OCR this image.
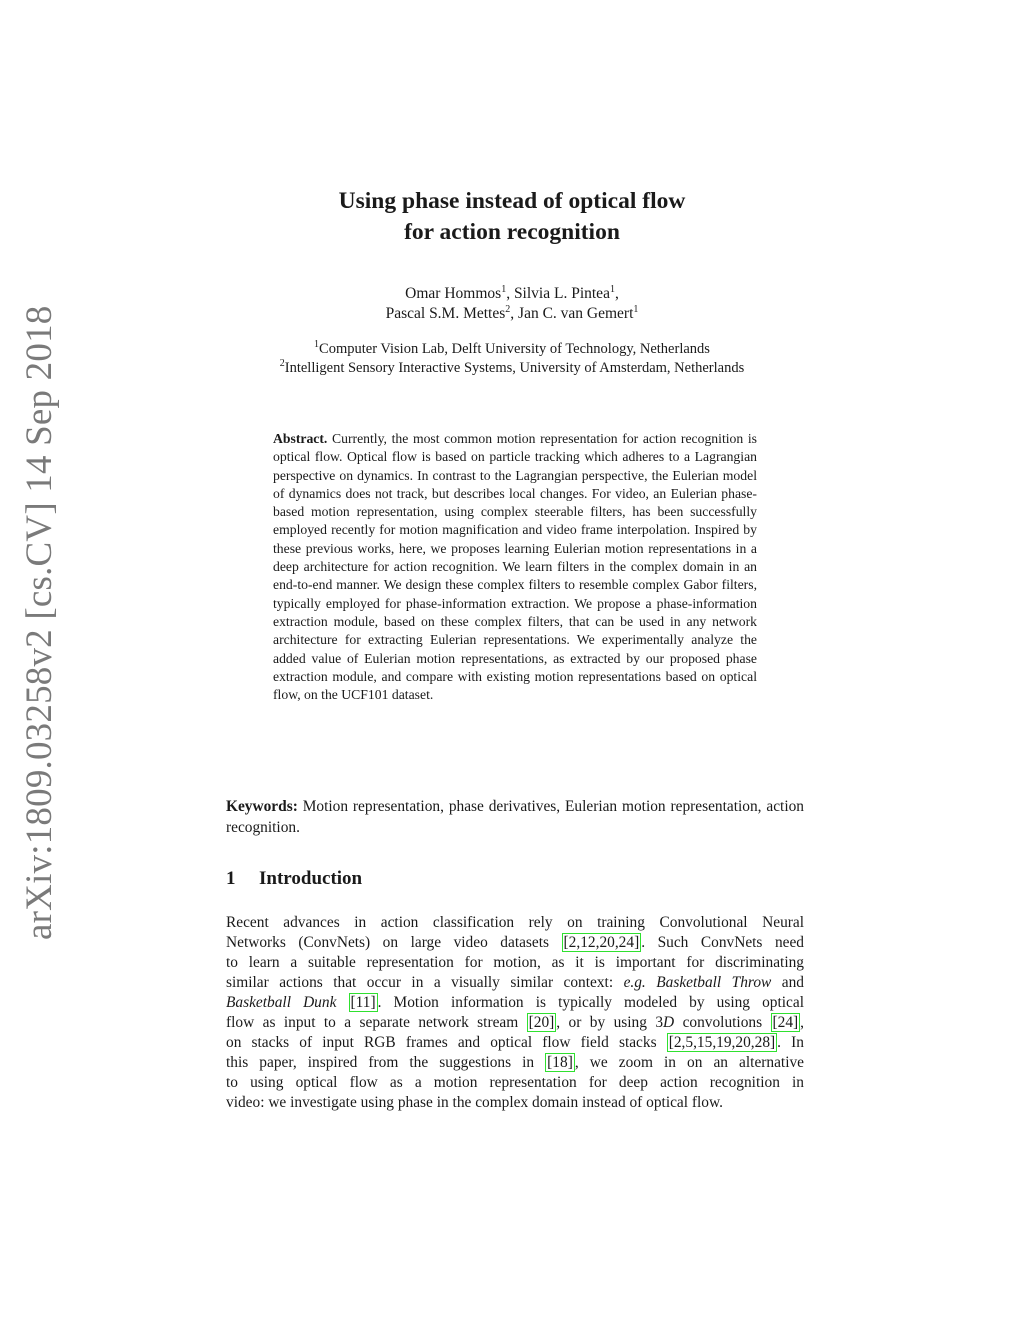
arXiv:1809.03258v2 [cs.CV] 14 Sep 2018
Using phase instead of optical flow
for action recognition
Omar Hommos$^1$, Silvia L. Pintea$^1$,
Pascal S.M. Mettes$^2$, Jan C. van Gemert$^1$
$^1$Computer Vision Lab, Delft University of Technology, Netherlands
$^2$Intelligent Sensory Interactive Systems, University of Amsterdam, Netherlands
Abstract. Currently, the most common motion representation for action recognition is optical flow. Optical flow is based on particle tracking which adheres to a Lagrangian perspective on dynamics. In contrast to the Lagrangian perspective, the Eulerian model of dynamics does not track, but describes local changes. For video, an Eulerian phase-based motion representation, using complex steerable filters, has been successfully employed recently for motion magnification and video frame interpolation. Inspired by these previous works, here, we proposes learning Eulerian motion representations in a deep architecture for action recognition. We learn filters in the complex domain in an end-to-end manner. We design these complex filters to resemble complex Gabor filters, typically employed for phase-information extraction. We propose a phase-information extraction module, based on these complex filters, that can be used in any network architecture for extracting Eulerian representations. We experimentally analyze the added value of Eulerian motion representations, as extracted by our proposed phase extraction module, and compare with existing motion representations based on optical flow, on the UCF101 dataset.
Keywords: Motion representation, phase derivatives, Eulerian motion representation, action recognition.
1 Introduction
Recent advances in action classification rely on training Convolutional Neural
Networks (ConvNets) on large video datasets [2,12,20,24] . Such ConvNets need
to learn a suitable representation for motion, as it is important for discriminating
similar actions that occur in a visually similar context: e.g. Basketball Throw and
Basketball Dunk [11] . Motion information is typically modeled by using optical
flow as input to a separate network stream [20] , or by using 3D convolutions [24] ,
on stacks of input RGB frames and optical flow field stacks [2,5,15,19,20,28] . In
this paper, inspired from the suggestions in [18] , we zoom in on an alternative
to using optical flow as a motion representation for deep action recognition in
video: we investigate using phase in the complex domain instead of optical flow.
